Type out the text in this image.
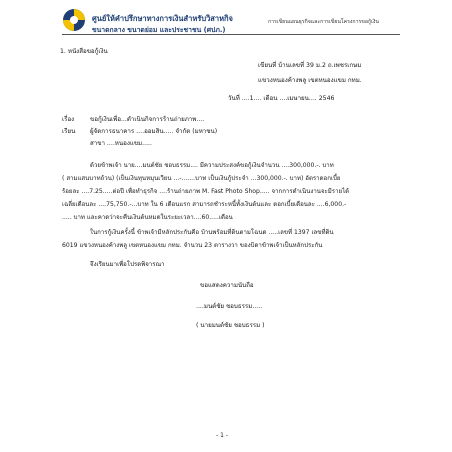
ศูนย์ให้คำปรึกษาทางการเงินสำหรับวิสาหกิจ
ขนาดกลาง ขนาดย่อม และประชาชน (ศปภ.)
การเขียนแผนธุรกิจและการเขียนโครงการขอกู้เงิน
1. หนังสือขอกู้เงิน
เขียนที่ บ้านเลขที่ 39 ม.2 ถ.เพชรเกษม
แขวงหนองค้างพลู เขตหนองแขม กทม.
วันที่ ....1.... เดือน ....เมษายน.... 2546
เรื่อง	ขอกู้เงินเพื่อ...ดำเนินกิจการร้านถ่ายภาพ....
เรียน ผู้จัดการธนาคาร ....ออมสิน..... จำกัด (มหาชน)
สาขา ....หนองแขม.....
ด้วยข้าพเจ้า นาย....มนต์ชัย ชอบธรรม.... มีความประสงค์ขอกู้เงินจำนวน ....300,000.-. บาท
( สามแสนบาทถ้วน) (เป็นเงินทุนหมุนเวียน ...-.......บาท เป็นเงินกู้ประจำ ...300,000.-. บาท) อัตราดอกเบี้ย
ร้อยละ ....7.25.....ต่อปี เพื่อทำธุรกิจ ....ร้านถ่ายภาพ M. Fast Photo Shop..... จากการดำเนินงานจะมีรายได้
เฉลี่ยเดือนละ ....75,750.-...บาท ใน 6 เดือนแรก สามารถชำระหนี้ทั้งเงินต้นและ ดอกเบี้ยเดือนละ ....6,000.-
..... บาท และคาดว่าจะคืนเงินต้นหมดในระยะเวลา....60.....เดือน
ในการกู้เงินครั้งนี้ ข้าพเจ้ามีหลักประกันคือ บ้านพร้อมที่ดินตามโฉนด .....เลขที่ 1397 เลขที่ดิน
6019 แขวงหนองค้างพลู เขตหนองแขม กทม. จำนวน 23 ตารางวา ของบิดาข้าพเจ้าเป็นหลักประกัน
จึงเรียนมาเพื่อโปรดพิจารณา
ขอแสดงความนับถือ
....มนต์ชัย ชอบธรรม.....
( นายมนต์ชัย ชอบธรรม )
- 1 -
